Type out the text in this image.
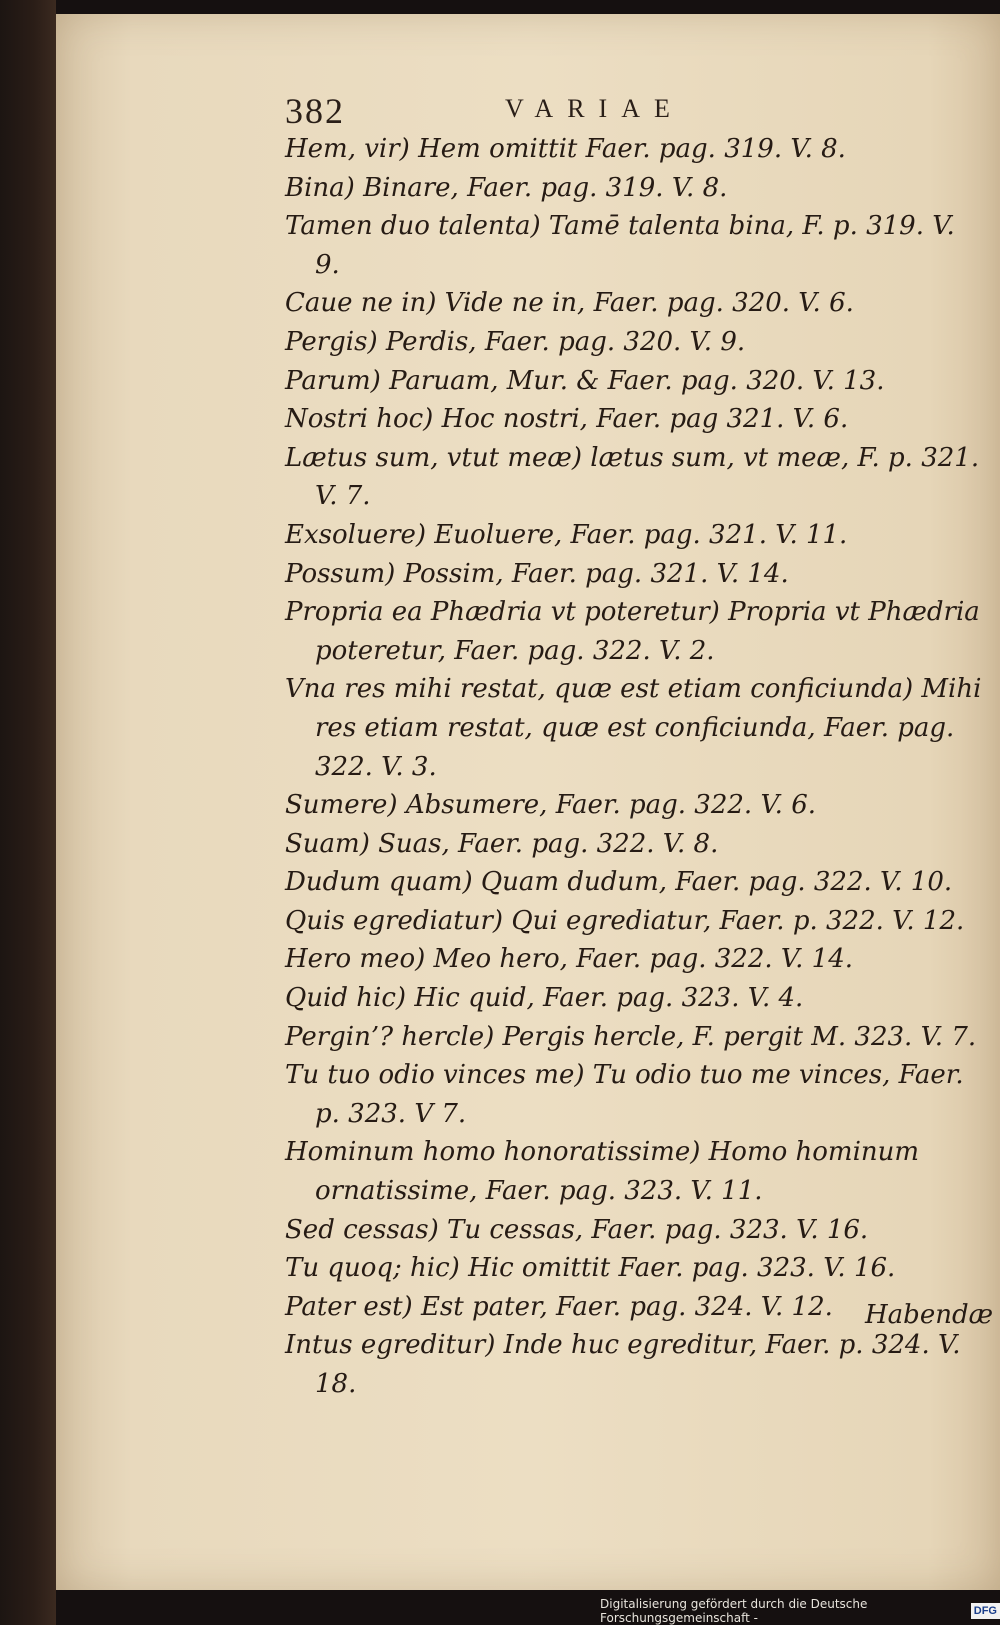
382	VARIAE

Hem, vir) Hem omittit Faer. pag. 319. V. 8.

Bina) Binare, Faer. pag. 319. V. 8.

Tamen duo talenta) Tamē talenta bina, F. p. 319. V. 9.

Caue ne in) Vide ne in, Faer. pag. 320. V. 6.

Pergis) Perdis, Faer. pag. 320. V. 9.

Parum) Paruam, Mur. & Faer. pag. 320. V. 13.

Nostri hoc) Hoc nostri, Faer. pag 321. V. 6.

Lætus sum, vtut meæ) lætus sum, vt meæ, F. p. 321. V. 7.

Exsoluere) Euoluere, Faer. pag. 321. V. 11.

Possum) Possim, Faer. pag. 321. V. 14.

Propria ea Phædria vt poteretur) Propria vt Phædria poteretur, Faer. pag. 322. V. 2.

Vna res mihi restat, quæ est etiam conficiunda) Mihi res etiam restat, quæ est conficiunda, Faer. pag. 322. V. 3.

Sumere) Absumere, Faer. pag. 322. V. 6.

Suam) Suas, Faer. pag. 322. V. 8.

Dudum quam) Quam dudum, Faer. pag. 322. V. 10.

Quis egrediatur) Qui egrediatur, Faer. p. 322. V. 12.

Hero meo) Meo hero, Faer. pag. 322. V. 14.

Quid hic) Hic quid, Faer. pag. 323. V. 4.

Pergin’? hercle) Pergis hercle, F. pergit M. 323. V. 7.

Tu tuo odio vinces me) Tu odio tuo me vinces, Faer. p. 323. V 7.

Hominum homo honoratissime) Homo hominum ornatissime, Faer. pag. 323. V. 11.

Sed cessas) Tu cessas, Faer. pag. 323. V. 16.

Tu quoq; hic) Hic omittit Faer. pag. 323. V. 16.

Pater est) Est pater, Faer. pag. 324. V. 12.

Intus egreditur) Inde huc egreditur, Faer. p. 324. V. 18.

Habendæ
Digitalisierung gefördert durch die Deutsche Forschungsgemeinschaft -	DFG
